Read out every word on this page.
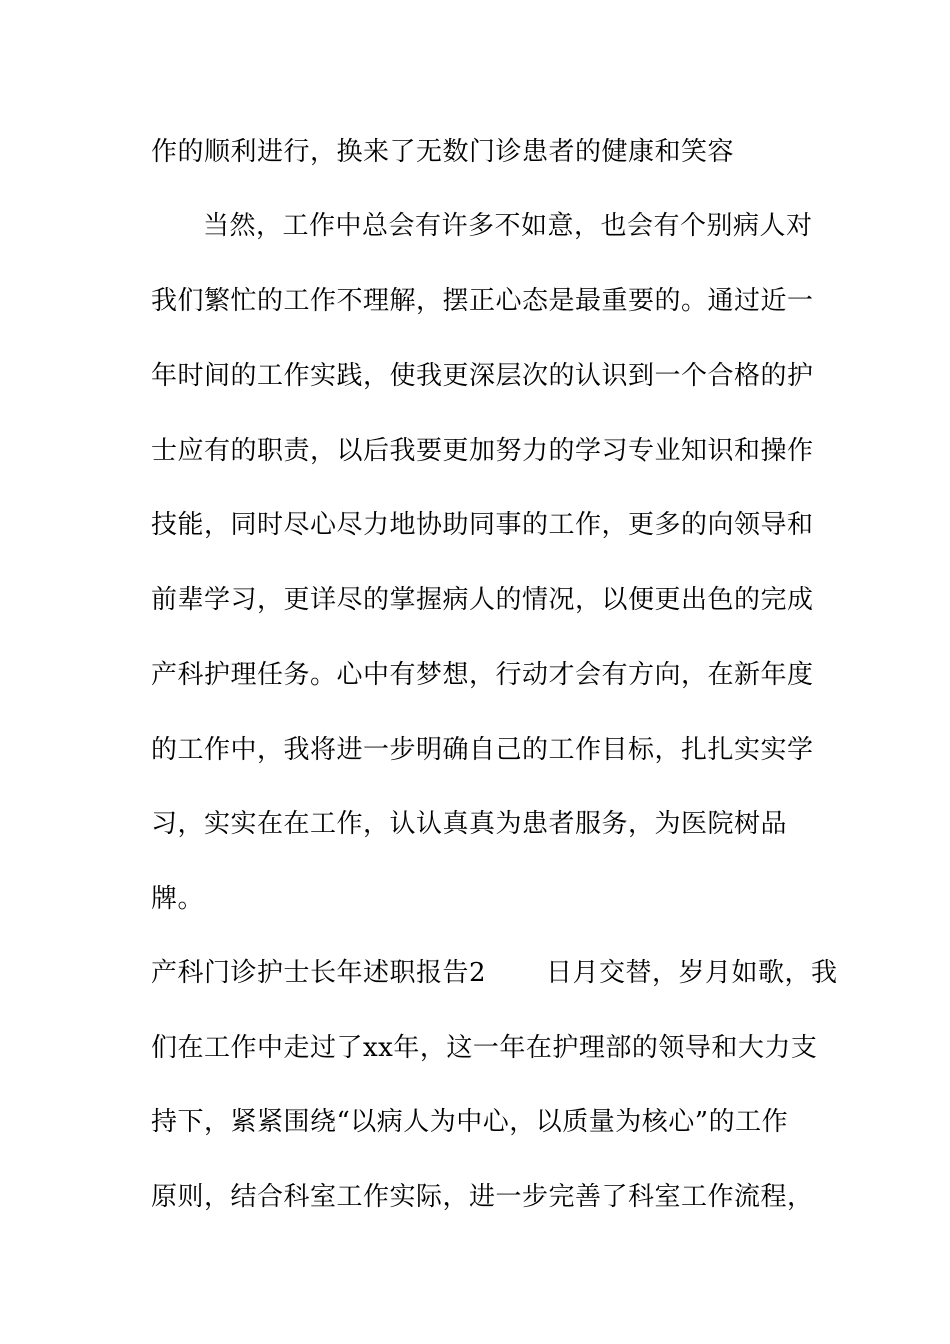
作的顺利进行，换来了无数门诊患者的健康和笑容
当然，工作中总会有许多不如意，也会有个别病人对
我们繁忙的工作不理解，摆正心态是最重要的。通过近一
年时间的工作实践，使我更深层次的认识到一个合格的护
士应有的职责，以后我要更加努力的学习专业知识和操作
技能，同时尽心尽力地协助同事的工作，更多的向领导和
前辈学习，更详尽的掌握病人的情况，以便更出色的完成
产科护理任务。心中有梦想，行动才会有方向，在新年度
的工作中，我将进一步明确自己的工作目标，扎扎实实学
习，实实在在工作，认认真真为患者服务，为医院树品
牌。
产科门诊护士长年述职报告2 日月交替，岁月如歌，我
们在工作中走过了xx年，这一年在护理部的领导和大力支
持下，紧紧围绕“以病人为中心，以质量为核心”的工作
原则，结合科室工作实际，进一步完善了科室工作流程，
